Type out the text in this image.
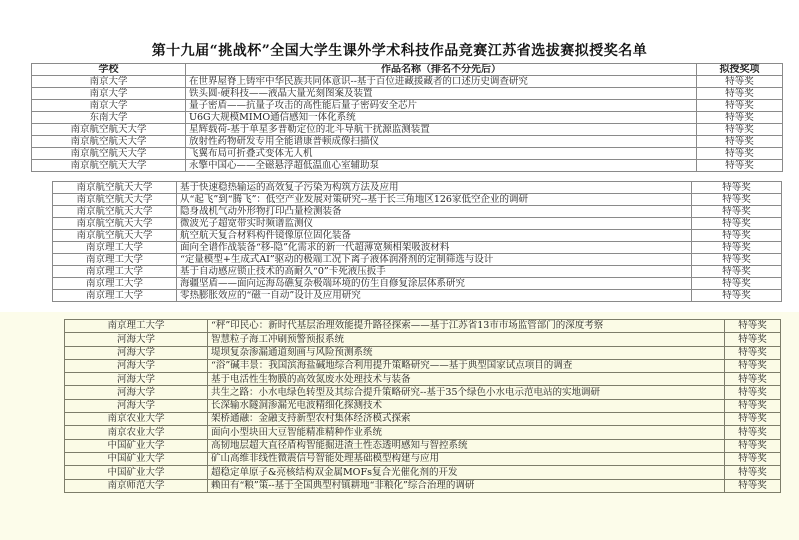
第十九届“挑战杯”全国大学生课外学术科技作品竞赛江苏省选拔赛拟授奖名单
学校	作品名称（排名不分先后）	拟授奖项
南京大学	在世界屋脊上铸牢中华民族共同体意识--基于百位进藏援藏者的口述历史调查研究	特等奖
南京大学	铁头圆·硬科技——液晶大量光刻图案及装置	特等奖
南京大学	量子密盾——抗量子攻击的高性能后量子密码安全芯片	特等奖
东南大学	U6G大规模MIMO通信感知一体化系统	特等奖
南京航空航天大学	星辉载荷-基于单星多普勒定位的北斗导航干扰源监测装置	特等奖
南京航空航天大学	放射性药物研发专用全能谱康普顿成像扫描仪	特等奖
南京航空航天大学	飞翼布局可折叠式变体无人机	特等奖
南京航空航天大学	永擎中国心——全磁悬浮超低温血心室辅助泵	特等奖
南京航空航天大学	基于快速稳热输运的高效复子污染为构筑方法及应用	特等奖
南京航空航天大学	从“起飞”到“腾飞”：低空产业发展对策研究--基于长三角地区126家低空企业的调研	特等奖
南京航空航天大学	隐身战机气动外形物打印凸量检测装备	特等奖
南京航空航天大学	微波光子超宽带实时频谱监测仪	特等奖
南京航空航天大学	航空航天复合材料构件镜像原位固化装备	特等奖
南京理工大学	面向全谱作战装备“移-隐”化需求的新一代超薄宽频相架吸波材料	特等奖
南京理工大学	“定量模型+生成式AI”驱动的极端工况下离子液体润滑剂的定制筛选与设计	特等奖
南京理工大学	基于自动感应锁止技术的高耐久“0”卡死液压扳手	特等奖
南京理工大学	海疆坚盾——面向远海岛礁复杂极端环境的仿生自修复涂层体系研究	特等奖
南京理工大学	零热膨胀效应的“磁一自动”设计及应用研究	特等奖
南京理工大学	“秤”印民心：新时代基层治理效能提升路径探索——基于江苏省13市市场监管部门的深度考察	特等奖
河海大学	智慧粒子海工冲刷预警预报系统	特等奖
河海大学	堤坝复杂渗漏通道刻画与风险预测系统	特等奖
河海大学	“浴”碱丰景：我国滨海盐碱地综合利用提升策略研究——基于典型国家试点项目的调查	特等奖
河海大学	基于电活性生物膜的高效氮废水处理技术与装备	特等奖
河海大学	共生之路：小水电绿色转型及其综合提升策略研究--基于35个绿色小水电示范电站的实地调研	特等奖
河海大学	长深输水隧洞渗漏光电波精细化探测技术	特等奖
南京农业大学	架桥通融：金融支持新型农村集体经济模式探索	特等奖
南京农业大学	面向小型块田大豆智能精准精种作业系统	特等奖
中国矿业大学	高韧地层超大直径盾构智能掘进渣土性态透明感知与智控系统	特等奖
中国矿业大学	矿山高维非线性微震信号智能处理基础模型构建与应用	特等奖
中国矿业大学	超稳定单原子&亮核结构双金属MOFs复合光催化剂的开发	特等奖
南京师范大学	赖田有“粮”策--基于全国典型村镇耕地“非粮化”综合治理的调研	特等奖
